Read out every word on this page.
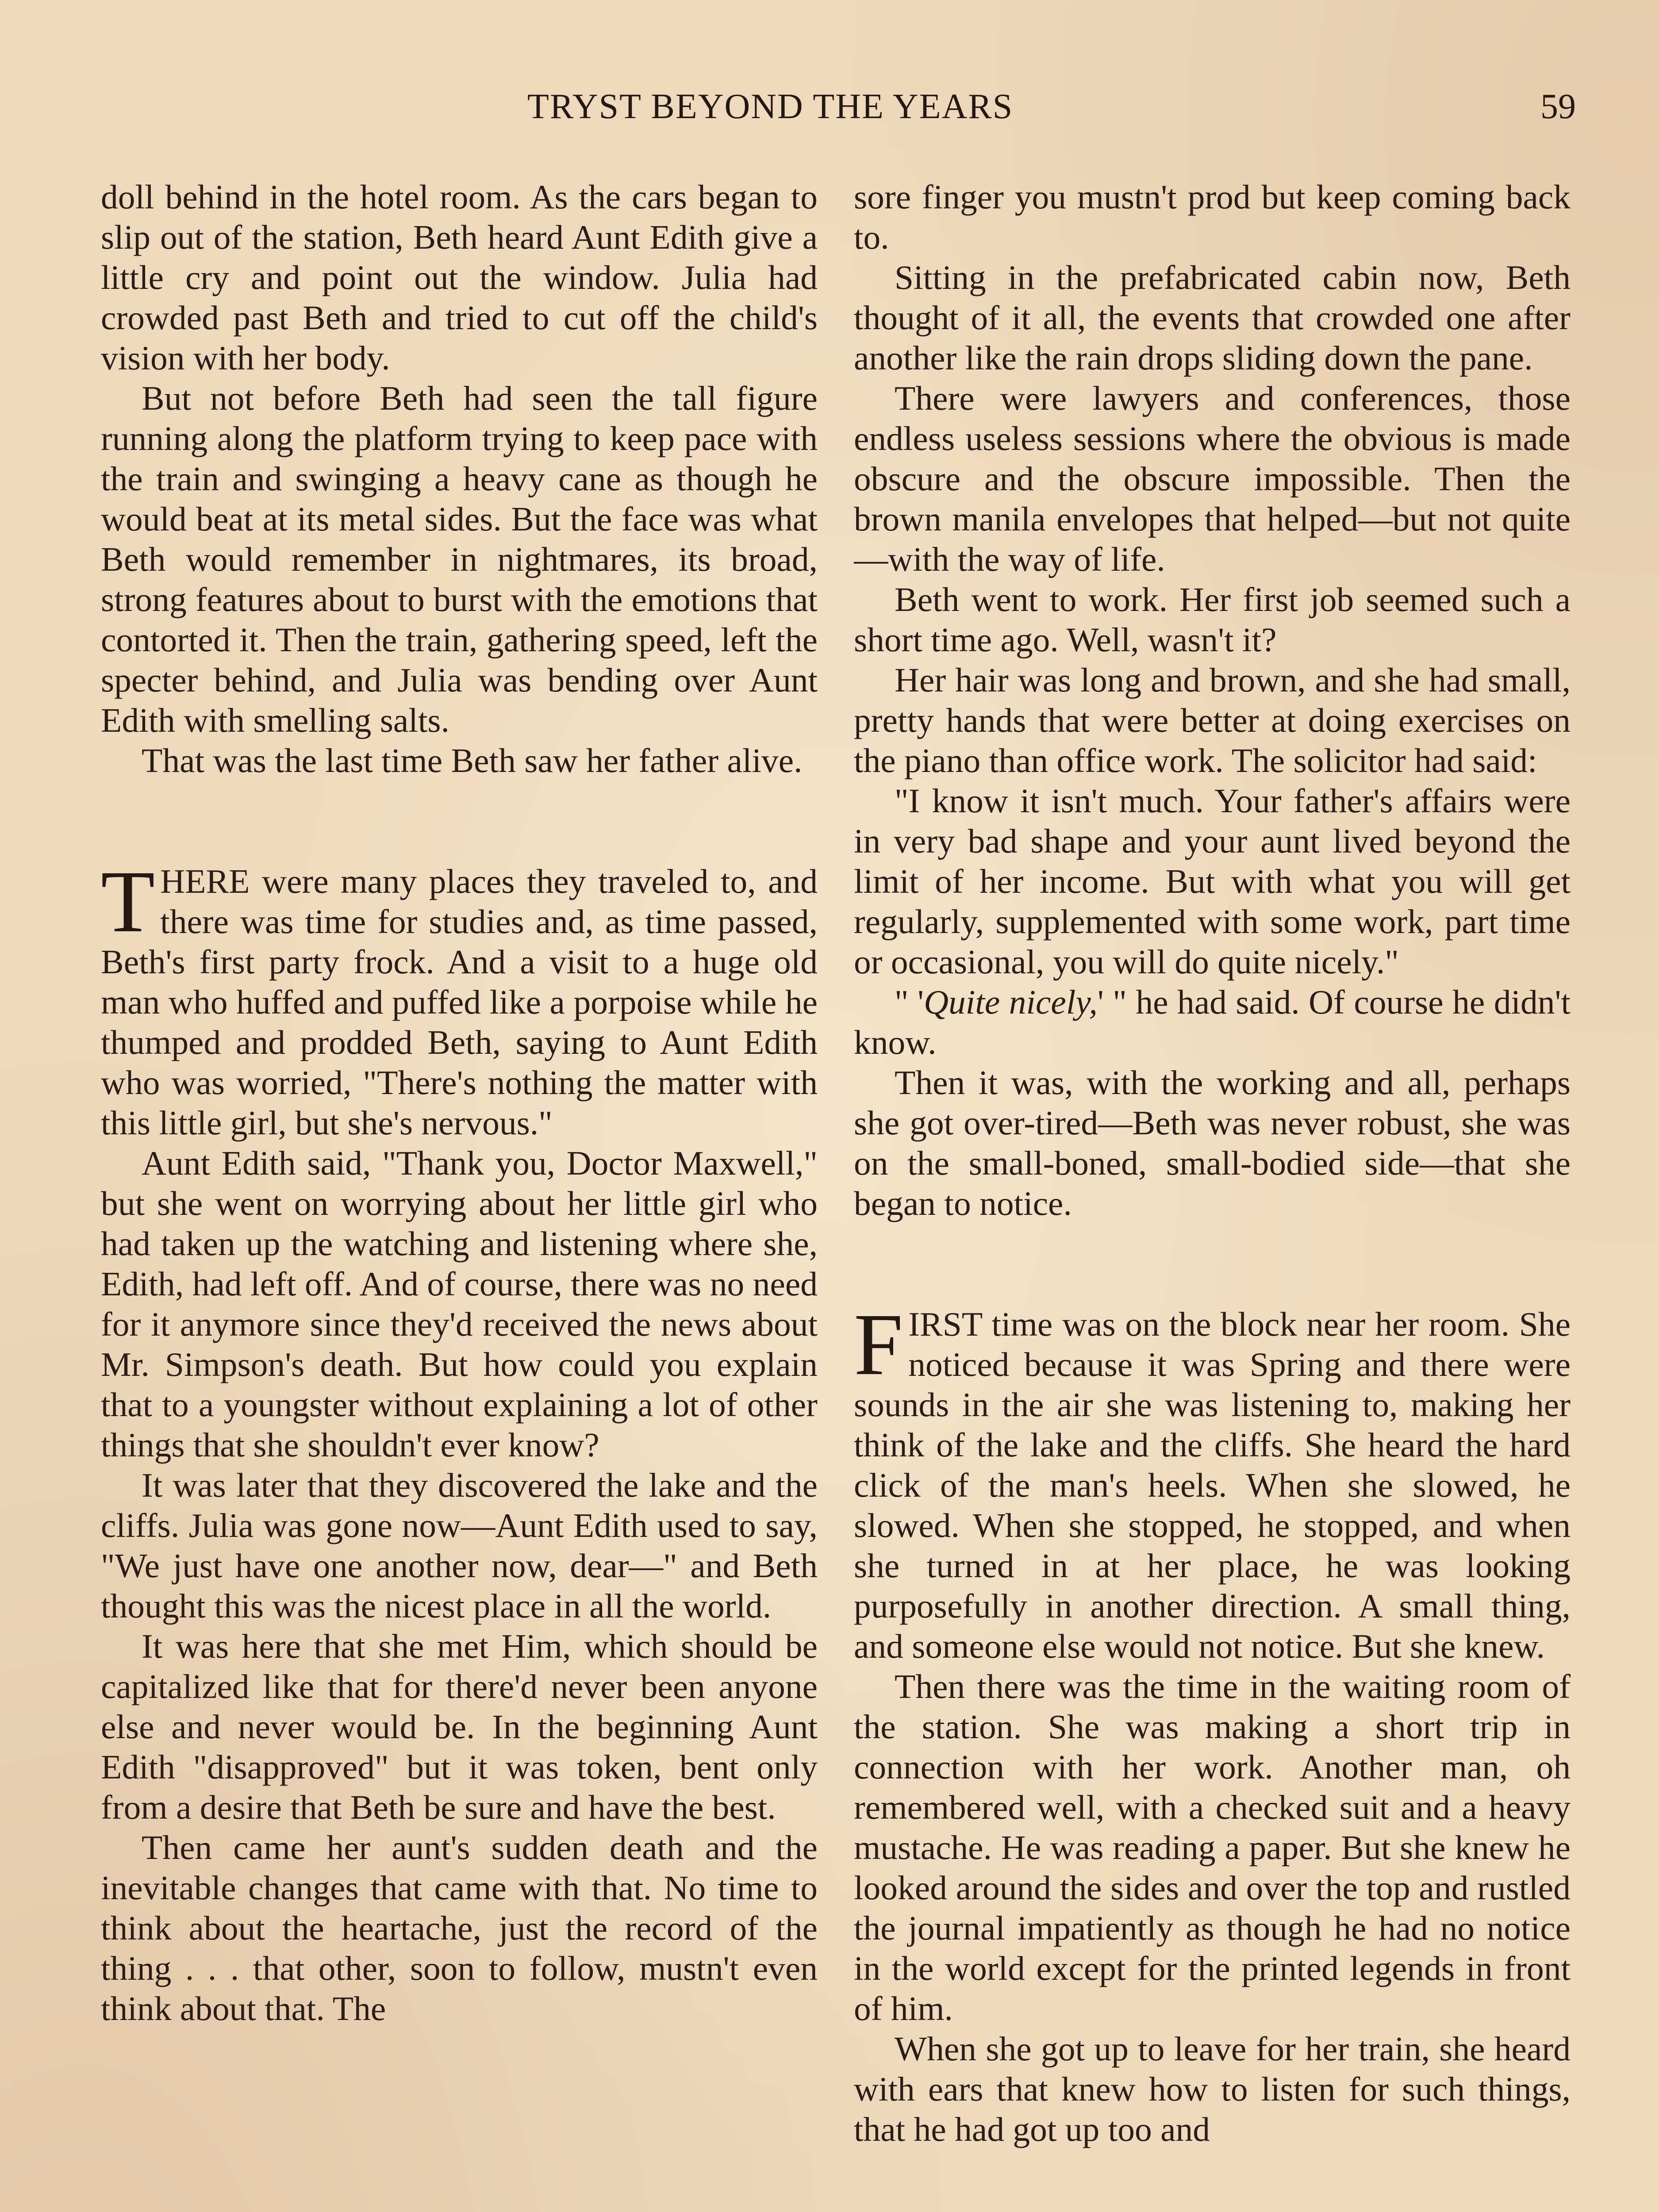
TRYST BEYOND THE YEARS	59

doll behind in the hotel room. As the cars began to slip out of the station, Beth heard Aunt Edith give a little cry and point out the window. Julia had crowded past Beth and tried to cut off the child's vision with her body.

But not before Beth had seen the tall figure running along the platform trying to keep pace with the train and swinging a heavy cane as though he would beat at its metal sides. But the face was what Beth would remember in nightmares, its broad, strong features about to burst with the emotions that contorted it. Then the train, gathering speed, left the specter behind, and Julia was bending over Aunt Edith with smelling salts.

That was the last time Beth saw her father alive.

THERE were many places they traveled to, and there was time for studies and, as time passed, Beth's first party frock. And a visit to a huge old man who huffed and puffed like a porpoise while he thumped and prodded Beth, saying to Aunt Edith who was worried, "There's nothing the matter with this little girl, but she's nervous."

Aunt Edith said, "Thank you, Doctor Maxwell," but she went on worrying about her little girl who had taken up the watching and listening where she, Edith, had left off. And of course, there was no need for it anymore since they'd received the news about Mr. Simpson's death. But how could you explain that to a youngster without explaining a lot of other things that she shouldn't ever know?

It was later that they discovered the lake and the cliffs. Julia was gone now—Aunt Edith used to say, "We just have one another now, dear—" and Beth thought this was the nicest place in all the world.

It was here that she met Him, which should be capitalized like that for there'd never been anyone else and never would be. In the beginning Aunt Edith "disapproved" but it was token, bent only from a desire that Beth be sure and have the best.

Then came her aunt's sudden death and the inevitable changes that came with that. No time to think about the heartache, just the record of the thing . . . that other, soon to follow, mustn't even think about that. The

sore finger you mustn't prod but keep coming back to.

Sitting in the prefabricated cabin now, Beth thought of it all, the events that crowded one after another like the rain drops sliding down the pane.

There were lawyers and conferences, those endless useless sessions where the obvious is made obscure and the obscure impossible. Then the brown manila envelopes that helped—but not quite—with the way of life.

Beth went to work. Her first job seemed such a short time ago. Well, wasn't it?

Her hair was long and brown, and she had small, pretty hands that were better at doing exercises on the piano than office work. The solicitor had said:

"I know it isn't much. Your father's affairs were in very bad shape and your aunt lived beyond the limit of her income. But with what you will get regularly, supplemented with some work, part time or occasional, you will do quite nicely."

" 'Quite nicely,' " he had said. Of course he didn't know.

Then it was, with the working and all, perhaps she got over-tired—Beth was never robust, she was on the small-boned, small-bodied side—that she began to notice.

FIRST time was on the block near her room. She noticed because it was Spring and there were sounds in the air she was listening to, making her think of the lake and the cliffs. She heard the hard click of the man's heels. When she slowed, he slowed. When she stopped, he stopped, and when she turned in at her place, he was looking purposefully in another direction. A small thing, and someone else would not notice. But she knew.

Then there was the time in the waiting room of the station. She was making a short trip in connection with her work. Another man, oh remembered well, with a checked suit and a heavy mustache. He was reading a paper. But she knew he looked around the sides and over the top and rustled the journal impatiently as though he had no notice in the world except for the printed legends in front of him.

When she got up to leave for her train, she heard with ears that knew how to listen for such things, that he had got up too and
